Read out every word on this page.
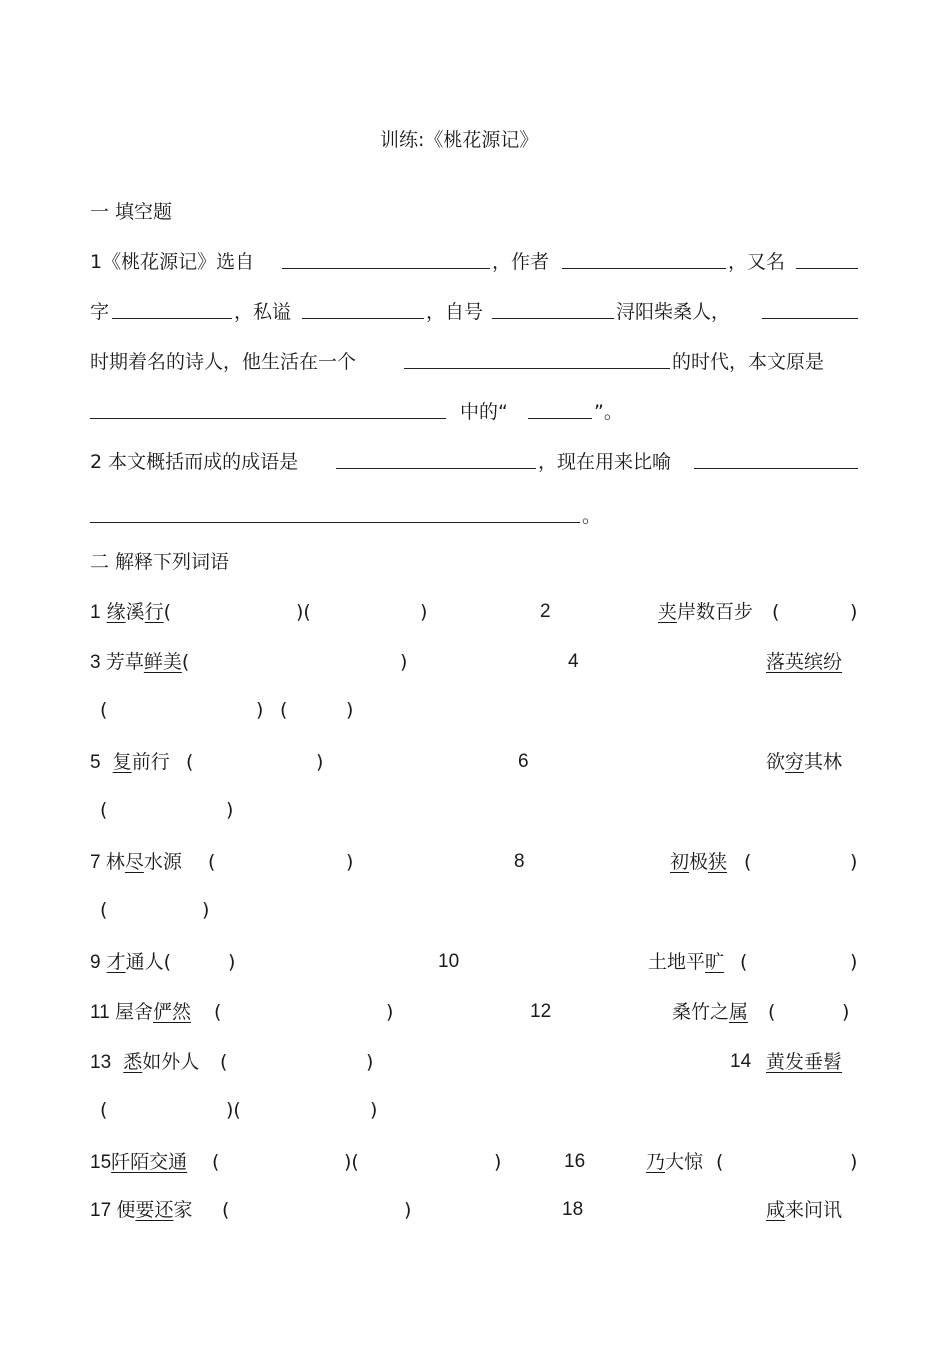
训练:《桃花源记》
一 填空题
1《桃花源记》选自	，作者	，又名
字	，私谥	，自号	浔阳柴桑人，
时期着名的诗人，他生活在一个	的时代，本文原是
中的“	”。
2 本文概括而成的成语是	，现在用来比喻
。
二 解释下列词语
1 缘溪行(	)(	)	2	夹岸数百步 (	)
3 芳草鲜美(	)	4	落英缤纷
(	) (	)
5 复前行 (	)	6	欲穷其林
(	)
7 林尽水源 (	)	8	初极狭 (	)
(	)
9 才通人(	)	10	土地平旷 (	)
11 屋舍俨然 (	)	12	桑竹之属 (	)
13 悉如外人 (	)	14 黄发垂髫
(	)(	)
15阡陌交通 (	)(	)	16	乃大惊 (	)
17 便要还家 (	)	18	咸来问讯
